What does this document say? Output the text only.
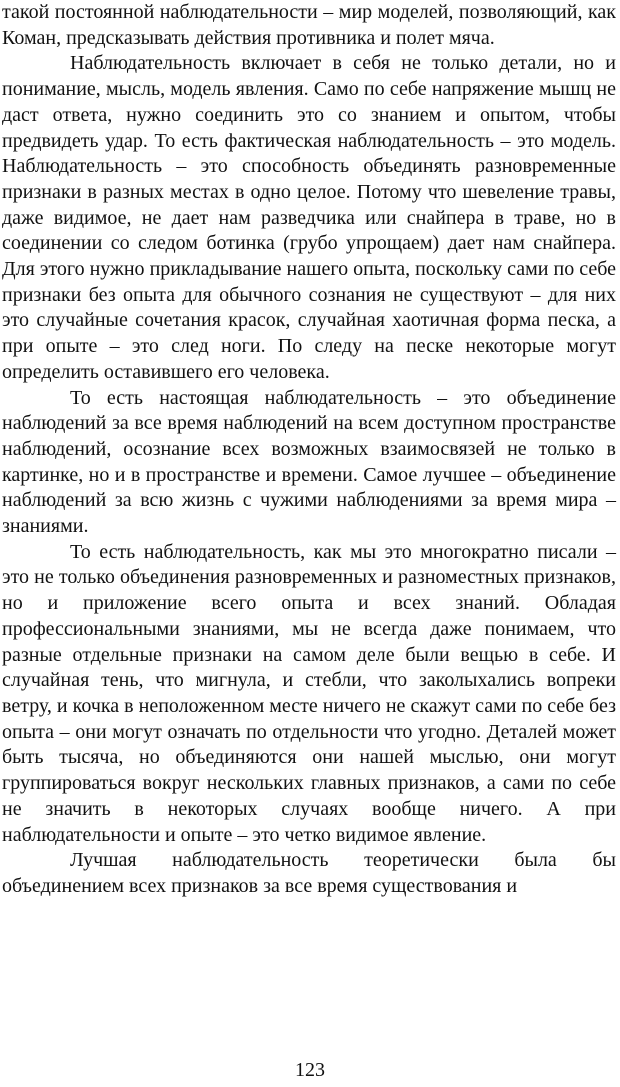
такой постоянной наблюдательности – мир моделей, позволяющий, как Коман, предсказывать действия противника и полет мяча.

Наблюдательность включает в себя не только детали, но и понимание, мысль, модель явления. Само по себе напряжение мышц не даст ответа, нужно соединить это со знанием и опытом, чтобы предвидеть удар. То есть фактическая наблюдательность – это модель. Наблюдательность – это способность объединять разновременные признаки в разных местах в одно целое. Потому что шевеление травы, даже видимое, не дает нам разведчика или снайпера в траве, но в соединении со следом ботинка (грубо упрощаем) дает нам снайпера. Для этого нужно прикладывание нашего опыта, поскольку сами по себе признаки без опыта для обычного сознания не существуют – для них это случайные сочетания красок, случайная хаотичная форма песка, а при опыте – это след ноги. По следу на песке некоторые могут определить оставившего его человека.

То есть настоящая наблюдательность – это объединение наблюдений за все время наблюдений на всем доступном пространстве наблюдений, осознание всех возможных взаимосвязей не только в картинке, но и в пространстве и времени. Самое лучшее – объединение наблюдений за всю жизнь с чужими наблюдениями за время мира – знаниями.

То есть наблюдательность, как мы это многократно писали – это не только объединения разновременных и разноместных признаков, но и приложение всего опыта и всех знаний. Обладая профессиональными знаниями, мы не всегда даже понимаем, что разные отдельные признаки на самом деле были вещью в себе. И случайная тень, что мигнула, и стебли, что заколыхались вопреки ветру, и кочка в неположенном месте ничего не скажут сами по себе без опыта – они могут означать по отдельности что угодно. Деталей может быть тысяча, но объединяются они нашей мыслью, они могут группироваться вокруг нескольких главных признаков, а сами по себе не значить в некоторых случаях вообще ничего. А при наблюдательности и опыте – это четко видимое явление.

Лучшая наблюдательность теоретически была бы объединением всех признаков за все время существования и

123
